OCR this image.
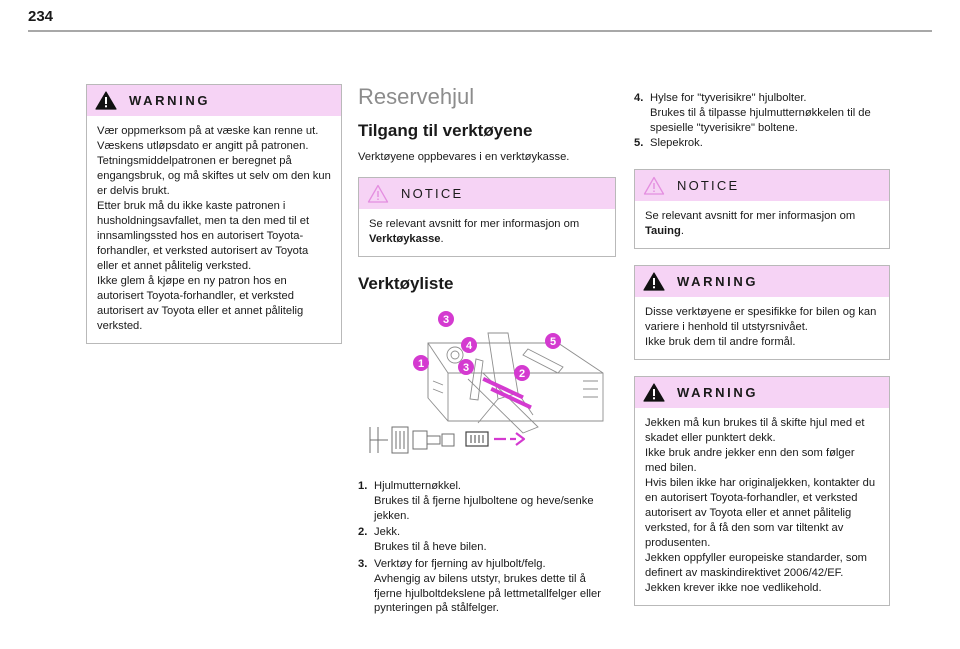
234
WARNING
Vær oppmerksom på at væske kan renne ut.
Væskens utløpsdato er angitt på patronen.
Tetningsmiddelpatronen er beregnet på engangsbruk, og må skiftes ut selv om den kun er delvis brukt.
Etter bruk må du ikke kaste patronen i husholdningsavfallet, men ta den med til et innsamlingssted hos en autorisert Toyota-forhandler, et verksted autorisert av Toyota eller et annet pålitelig verksted.
Ikke glem å kjøpe en ny patron hos en autorisert Toyota-forhandler, et verksted autorisert av Toyota eller et annet pålitelig verksted.
Reservehjul
Tilgang til verktøyene
Verktøyene oppbevares i en verktøykasse.
NOTICE
Se relevant avsnitt for mer informasjon om Verktøykasse.
Verktøyliste
3
4
3
1
2
5
1. Hjulmutternøkkel.
Brukes til å fjerne hjulboltene og heve/senke jekken.
2. Jekk.
Brukes til å heve bilen.
3. Verktøy for fjerning av hjulbolt/felg.
Avhengig av bilens utstyr, brukes dette til å fjerne hjulboltdekslene på lettmetallfelger eller pynteringen på stålfelger.
4. Hylse for "tyverisikre" hjulbolter.
Brukes til å tilpasse hjulmutternøkkelen til de spesielle "tyverisikre" boltene.
5. Slepekrok.
NOTICE
Se relevant avsnitt for mer informasjon om Tauing.
WARNING
Disse verktøyene er spesifikke for bilen og kan variere i henhold til utstyrsnivået.
Ikke bruk dem til andre formål.
WARNING
Jekken må kun brukes til å skifte hjul med et skadet eller punktert dekk.
Ikke bruk andre jekker enn den som følger med bilen.
Hvis bilen ikke har originaljekken, kontakter du en autorisert Toyota-forhandler, et verksted autorisert av Toyota eller et annet pålitelig verksted, for å få den som var tiltenkt av produsenten.
Jekken oppfyller europeiske standarder, som definert av maskindirektivet 2006/42/EF.
Jekken krever ikke noe vedlikehold.
